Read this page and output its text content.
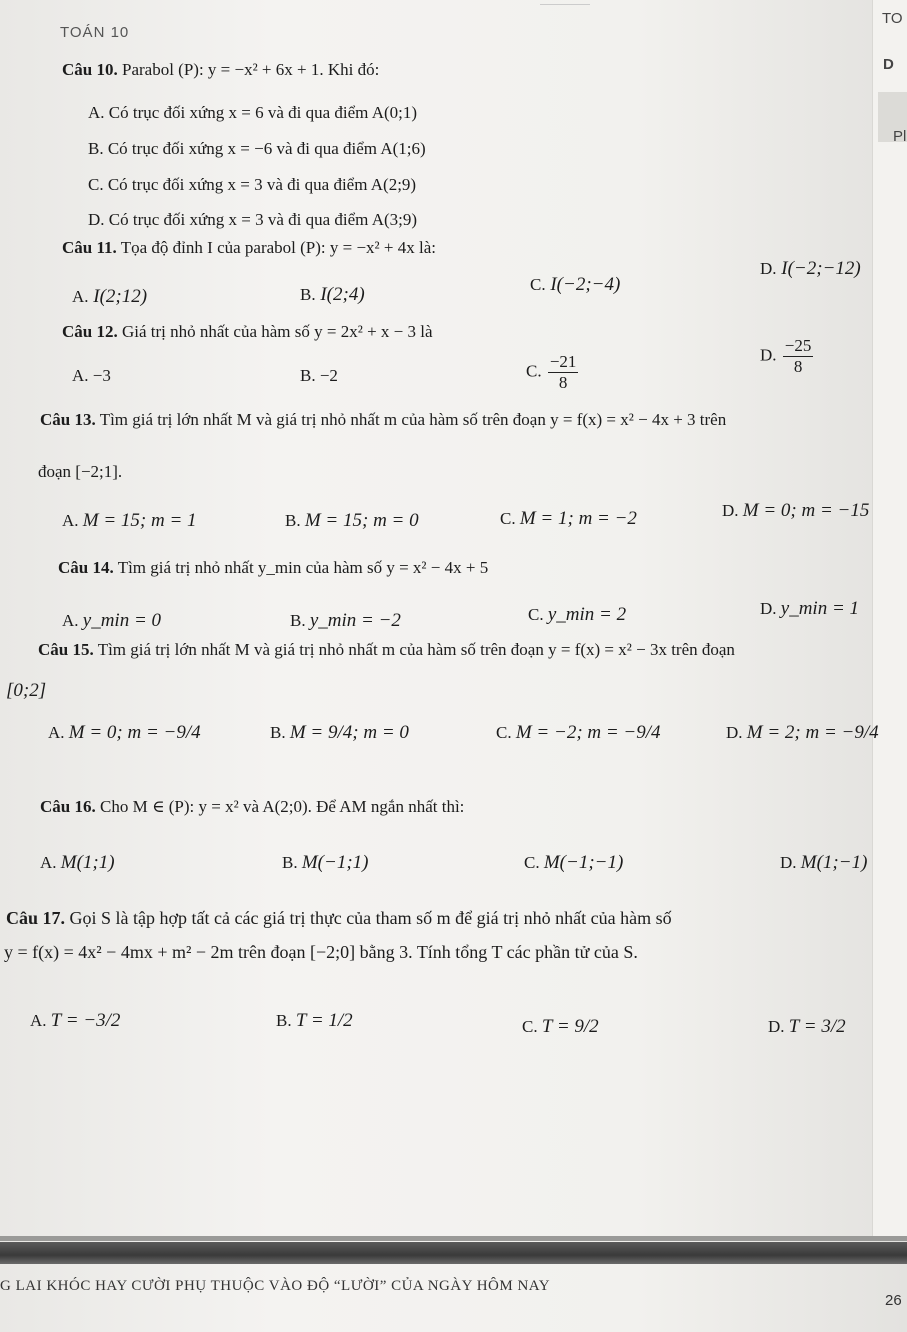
TO
D
Pl
TOÁN 10
Câu 10. Parabol (P): y = −x² + 6x + 1. Khi đó:
A. Có trục đối xứng x = 6 và đi qua điểm A(0;1)
B. Có trục đối xứng x = −6 và đi qua điểm A(1;6)
C. Có trục đối xứng x = 3 và đi qua điểm A(2;9)
D. Có trục đối xứng x = 3 và đi qua điểm A(3;9)
Câu 11. Tọa độ đỉnh I của parabol (P): y = −x² + 4x là:
A. I(2;12)	B. I(2;4)	C. I(−2;−4)
D. I(−2;−12)
Câu 12. Giá trị nhỏ nhất của hàm số y = 2x² + x − 3 là
A. −3	B. −2	C. $\frac{-21}{8}$	D. $\frac{-25}{8}$
Câu 13. Tìm giá trị lớn nhất M và giá trị nhỏ nhất m của hàm số trên đoạn y = f(x) = x² − 4x + 3 trên
đoạn [−2;1].
A. M = 15; m = 1	B. M = 15; m = 0	C. M = 1; m = −2	D. M = 0; m = −15
Câu 14. Tìm giá trị nhỏ nhất y_min của hàm số y = x² − 4x + 5
A. y_min = 0	B. y_min = −2	C. y_min = 2	D. y_min = 1
Câu 15. Tìm giá trị lớn nhất M và giá trị nhỏ nhất m của hàm số trên đoạn y = f(x) = x² − 3x trên đoạn
[0;2]
A. M = 0; m = −9/4	B. M = 9/4; m = 0	C. M = −2; m = −9/4	D. M = 2; m = −9/4
Câu 16. Cho M ∈ (P): y = x² và A(2;0). Để AM ngắn nhất thì:
A. M(1;1)	B. M(−1;1)	C. M(−1;−1)	D. M(1;−1)
Câu 17. Gọi S là tập hợp tất cả các giá trị thực của tham số m để giá trị nhỏ nhất của hàm số
y = f(x) = 4x² − 4mx + m² − 2m trên đoạn [−2;0] bằng 3. Tính tổng T các phần tử của S.
A. T = −3/2	B. T = 1/2	C. T = 9/2	D. T = 3/2
G LAI KHÓC HAY CƯỜI PHỤ THUỘC VÀO ĐỘ “LƯỜI” CỦA NGÀY HÔM NAY
26
